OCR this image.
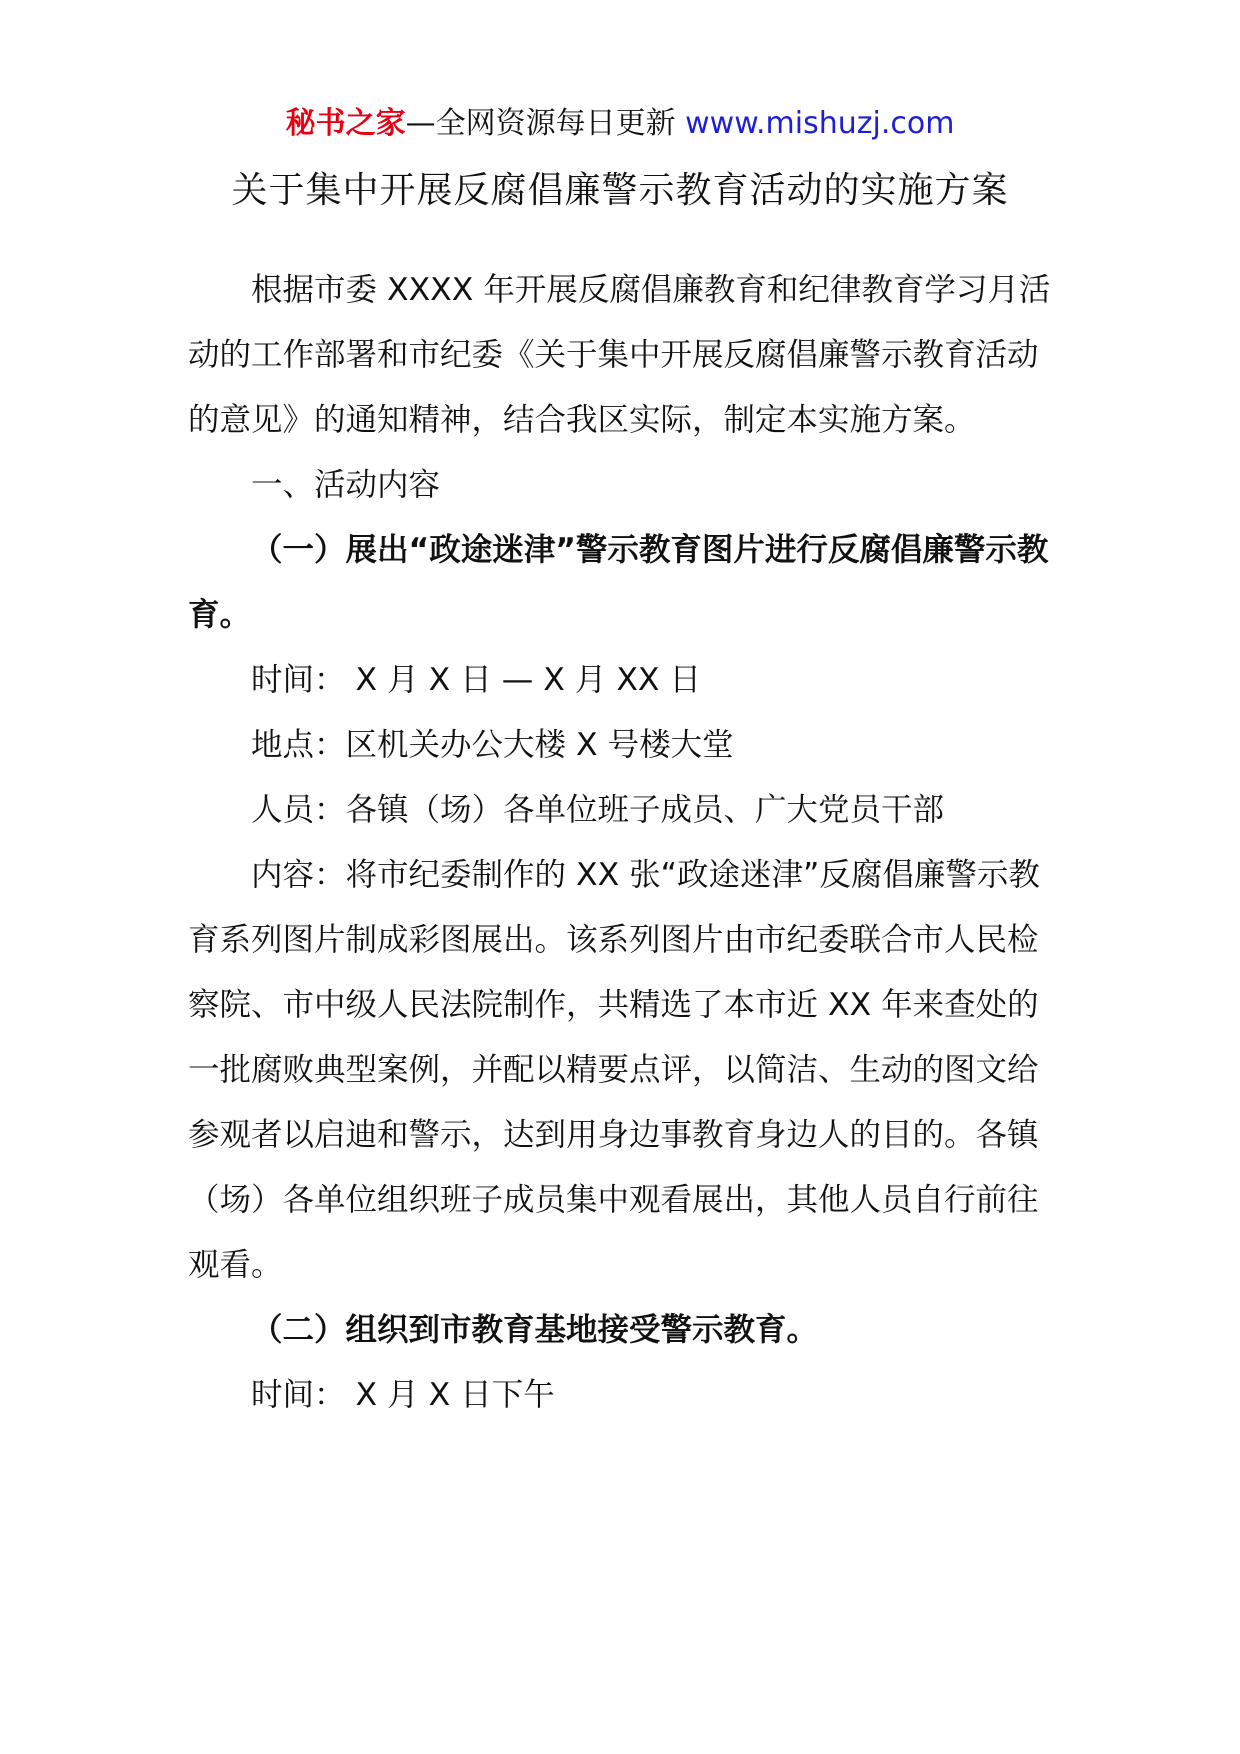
秘书之家—全网资源每日更新 www.mishuzj.com
关于集中开展反腐倡廉警示教育活动的实施方案

根据市委 XXXX 年开展反腐倡廉教育和纪律教育学习月活动的工作部署和市纪委《关于集中开展反腐倡廉警示教育活动的意见》的通知精神，结合我区实际，制定本实施方案。

一、活动内容

（一）展出“政途迷津”警示教育图片进行反腐倡廉警示教育。

时间： X 月 X 日 — X 月 XX 日

地点：区机关办公大楼 X 号楼大堂

人员：各镇（场）各单位班子成员、广大党员干部

内容：将市纪委制作的 XX 张“政途迷津”反腐倡廉警示教育系列图片制成彩图展出。该系列图片由市纪委联合市人民检察院、市中级人民法院制作，共精选了本市近 XX 年来查处的一批腐败典型案例，并配以精要点评，以简洁、生动的图文给参观者以启迪和警示，达到用身边事教育身边人的目的。各镇（场）各单位组织班子成员集中观看展出，其他人员自行前往观看。

（二）组织到市教育基地接受警示教育。

时间： X 月 X 日下午
